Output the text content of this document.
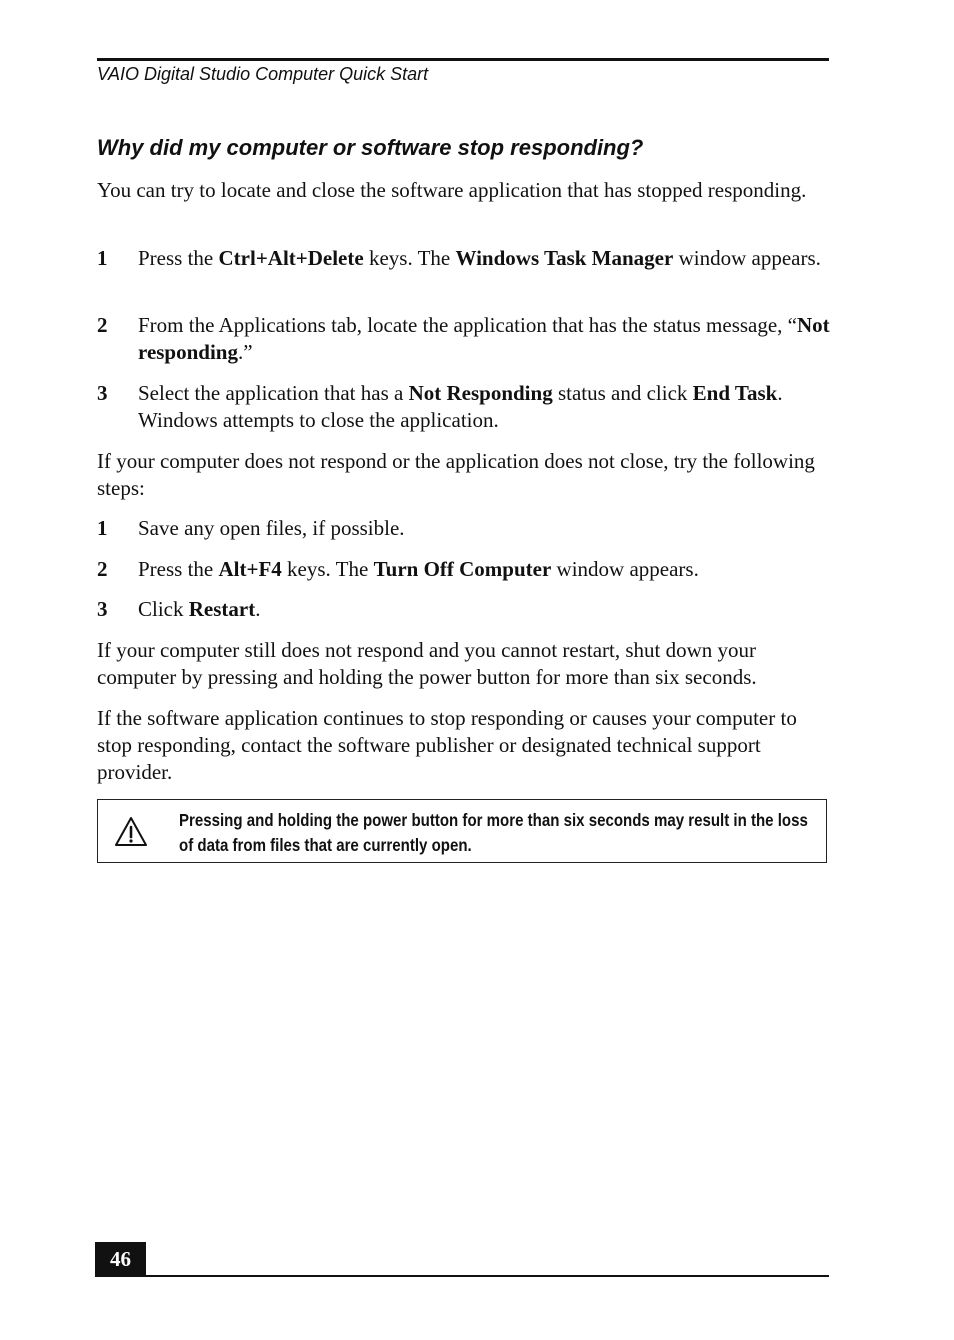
VAIO Digital Studio Computer Quick Start
Why did my computer or software stop responding?
You can try to locate and close the software application that has stopped responding.
1 Press the Ctrl+Alt+Delete keys. The Windows Task Manager window appears.
2 From the Applications tab, locate the application that has the status message, “Not responding.”
3 Select the application that has a Not Responding status and click End Task. Windows attempts to close the application.
If your computer does not respond or the application does not close, try the following steps:
1 Save any open files, if possible.
2 Press the Alt+F4 keys. The Turn Off Computer window appears.
3 Click Restart.
If your computer still does not respond and you cannot restart, shut down your computer by pressing and holding the power button for more than six seconds.
If the software application continues to stop responding or causes your computer to stop responding, contact the software publisher or designated technical support provider.
Pressing and holding the power button for more than six seconds may result in the loss of data from files that are currently open.
46
